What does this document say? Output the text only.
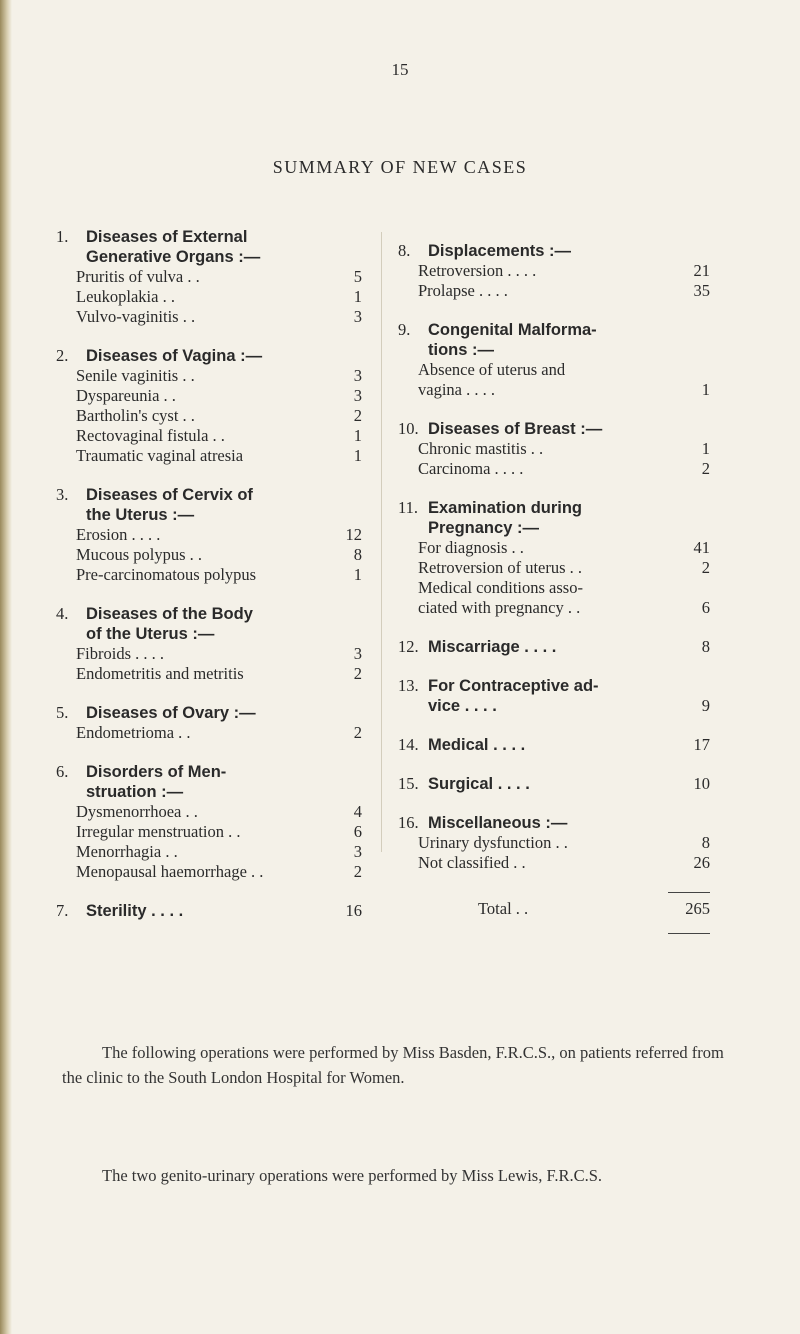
15
SUMMARY OF NEW CASES
1.	Diseases of External
Generative Organs :—
Pruritis of vulva . .	5
Leukoplakia . .	1
Vulvo-vaginitis . .	3
2.	Diseases of Vagina :—
Senile vaginitis . .	3
Dyspareunia . .	3
Bartholin's cyst . .	2
Rectovaginal fistula . .	1
Traumatic vaginal atresia	1
3.	Diseases of Cervix of
the Uterus :—
Erosion . . . .	12
Mucous polypus . .	8
Pre-carcinomatous polypus	1
4.	Diseases of the Body
of the Uterus :—
Fibroids . . . .	3
Endometritis and metritis	2
5.	Diseases of Ovary :—
Endometrioma . .	2
6.	Disorders of Men-
struation :—
Dysmenorrhoea . .	4
Irregular menstruation . .	6
Menorrhagia . .	3
Menopausal haemorrhage . .	2
7.	Sterility . . . .	16
8.	Displacements :—
Retroversion . . . .	21
Prolapse . . . .	35
9.	Congenital Malforma-
tions :—
Absence of uterus and
vagina . . . .	1
10. Diseases of Breast :—
Chronic mastitis . .	1
Carcinoma . . . .	2
11. Examination during
Pregnancy :—
For diagnosis . .	41
Retroversion of uterus . .	2
Medical conditions asso-
ciated with pregnancy . .	6
12. Miscarriage . . . .	8
13. For Contraceptive ad-
vice . . . .	9
14. Medical . . . .	17
15. Surgical . . . .	10
16. Miscellaneous :—
Urinary dysfunction . .	8
Not classified . .	26
Total . .	265

The following operations were performed by Miss Basden, F.R.C.S., on patients referred from the clinic to the South London Hospital for Women.

The two genito-urinary operations were performed by Miss Lewis, F.R.C.S.
